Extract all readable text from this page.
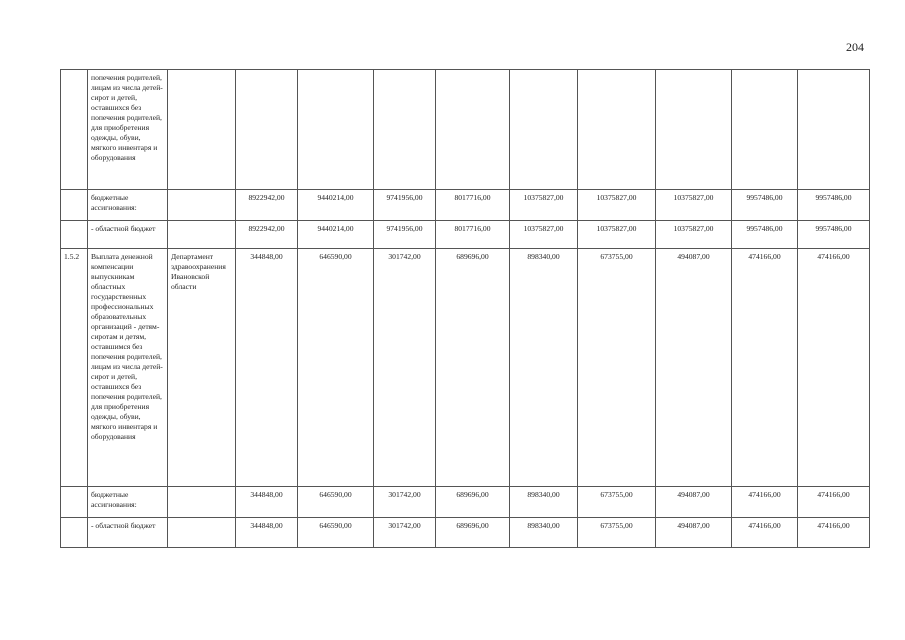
204
	попечения родителей, лицам из числа детей-сирот и детей, оставшихся без попечения родителей, для приобретения одежды, обуви, мягкого инвентаря и оборудования										
	бюджетные ассигнования:		8922942,00	9440214,00	9741956,00	8017716,00	10375827,00	10375827,00	10375827,00	9957486,00	9957486,00
	- областной бюджет		8922942,00	9440214,00	9741956,00	8017716,00	10375827,00	10375827,00	10375827,00	9957486,00	9957486,00
1.5.2	Выплата денежной компенсации выпускникам областных государственных профессиональных образовательных организаций - детям-сиротам и детям, оставшимся без попечения родителей, лицам из числа детей-сирот и детей, оставшихся без попечения родителей, для приобретения одежды, обуви, мягкого инвентаря и оборудования	Департамент здравоохранения Ивановской области	344848,00	646590,00	301742,00	689696,00	898340,00	673755,00	494087,00	474166,00	474166,00
	бюджетные ассигнования:		344848,00	646590,00	301742,00	689696,00	898340,00	673755,00	494087,00	474166,00	474166,00
	- областной бюджет		344848,00	646590,00	301742,00	689696,00	898340,00	673755,00	494087,00	474166,00	474166,00
